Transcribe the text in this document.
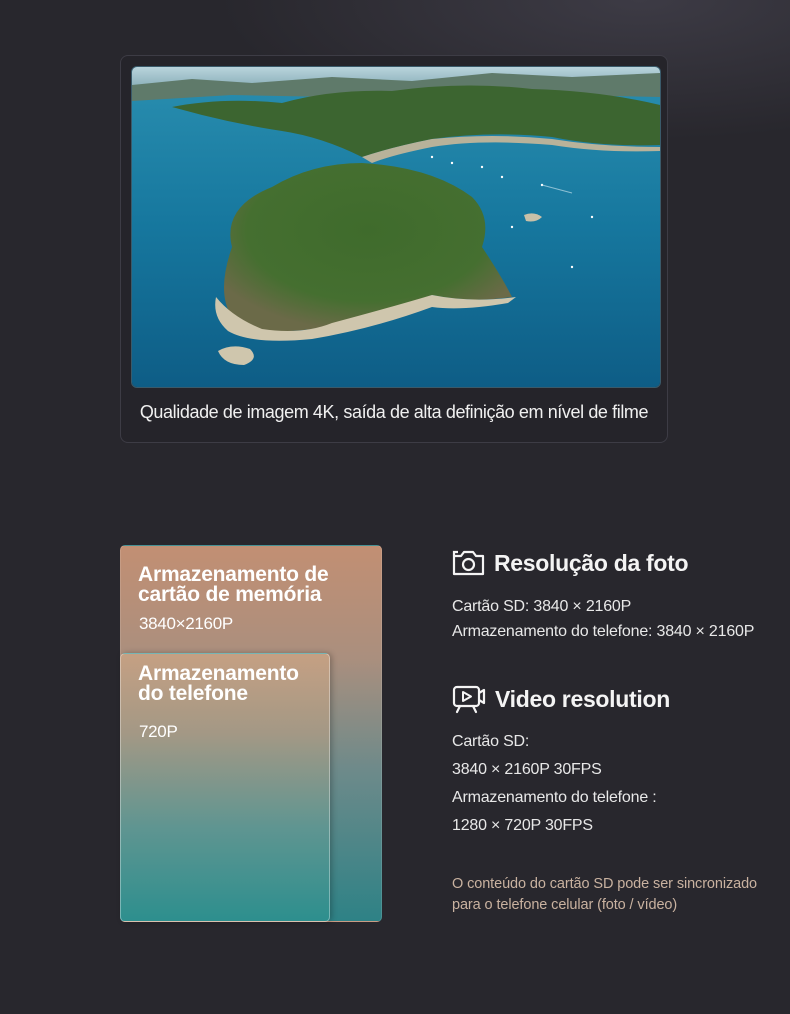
Qualidade de imagem 4K, saída de alta definição em nível de filme
Armazenamento de
cartão de memória
3840×2160P
Armazenamento
do telefone
720P
Resolução da foto
Cartão SD: 3840 × 2160P
Armazenamento do telefone: 3840 × 2160P
Video resolution
Cartão SD:
3840 × 2160P 30FPS
Armazenamento do telefone :
1280 × 720P 30FPS
O conteúdo do cartão SD pode ser sincronizado
para o telefone celular (foto / vídeo)
